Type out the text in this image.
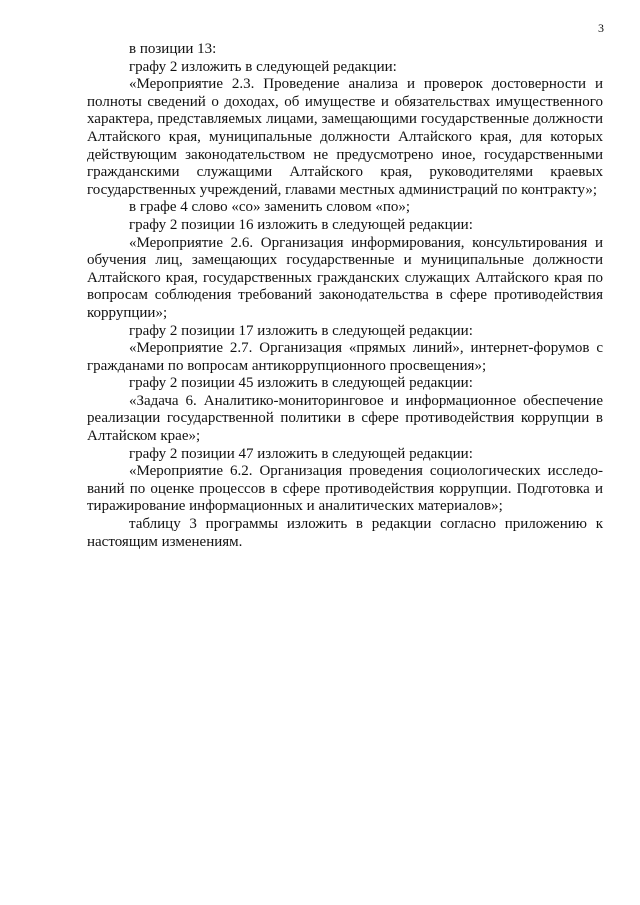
3

в позиции 13:

графу 2 изложить в следующей редакции:

«Мероприятие 2.3. Проведение анализа и проверок достоверности и полноты сведений о доходах, об имуществе и обязательствах имущественного характера, представляемых лицами, замещающими государственные должности Алтайского края, муниципальные должности Алтайского края, для которых действующим законодательством не предусмотрено иное, государственными гражданскими служащими Алтайского края, руководителями краевых государственных учреждений, главами местных администраций по контракту»;

в графе 4 слово «со» заменить словом «по»;

графу 2 позиции 16 изложить в следующей редакции:

«Мероприятие 2.6. Организация информирования, консультирования и обучения лиц, замещающих государственные и муниципальные должности Алтайского края, государственных гражданских служащих Алтайского края по вопросам соблюдения требований законодательства в сфере противодействия коррупции»;

графу 2 позиции 17 изложить в следующей редакции:

«Мероприятие 2.7. Организация «прямых линий», интернет-форумов с гражданами по вопросам антикоррупционного просвещения»;

графу 2 позиции 45 изложить в следующей редакции:

«Задача 6. Аналитико-мониторинговое и информационное обеспечение реализации государственной политики в сфере противодействия коррупции в Алтайском крае»;

графу 2 позиции 47 изложить в следующей редакции:

«Мероприятие 6.2. Организация проведения социологических исследований по оценке процессов в сфере противодействия коррупции. Подготовка и тиражирование информационных и аналитических материалов»;

таблицу 3 программы изложить в редакции согласно приложению к настоящим изменениям.
